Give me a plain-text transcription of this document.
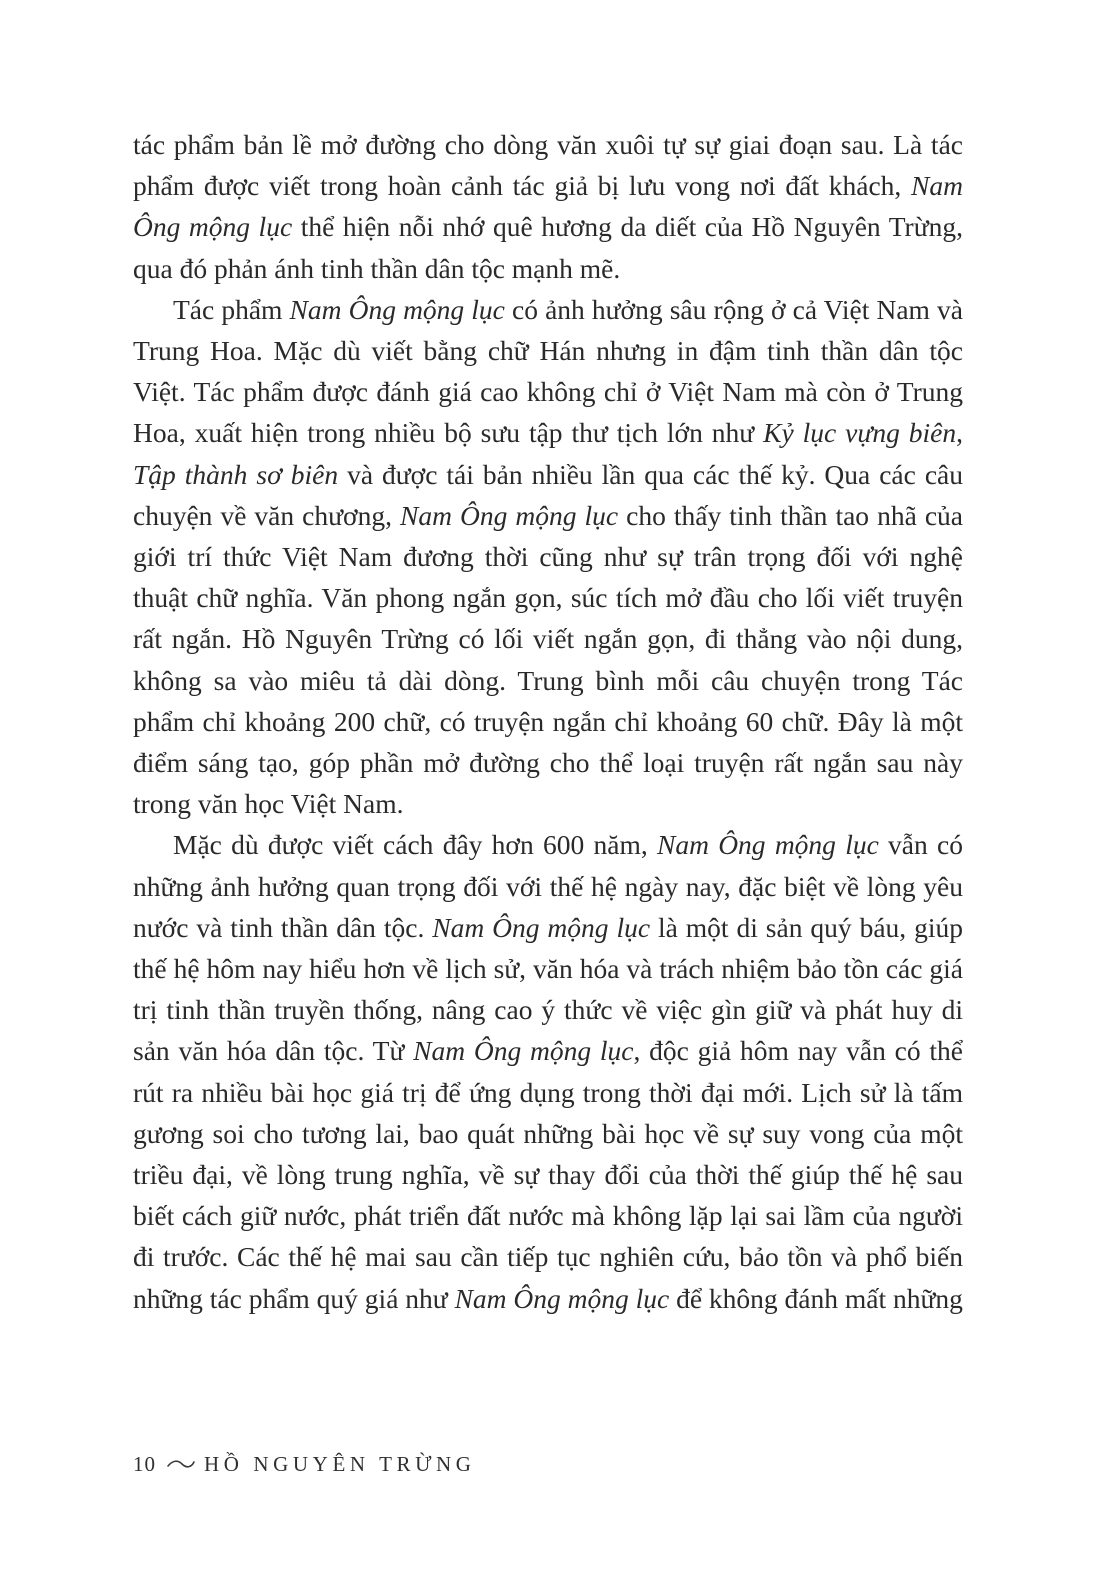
tác phẩm bản lề mở đường cho dòng văn xuôi tự sự giai đoạn sau. Là tác phẩm được viết trong hoàn cảnh tác giả bị lưu vong nơi đất khách, Nam Ông mộng lục thể hiện nỗi nhớ quê hương da diết của Hồ Nguyên Trừng, qua đó phản ánh tinh thần dân tộc mạnh mẽ.

Tác phẩm Nam Ông mộng lục có ảnh hưởng sâu rộng ở cả Việt Nam và Trung Hoa. Mặc dù viết bằng chữ Hán nhưng in đậm tinh thần dân tộc Việt. Tác phẩm được đánh giá cao không chỉ ở Việt Nam mà còn ở Trung Hoa, xuất hiện trong nhiều bộ sưu tập thư tịch lớn như Kỷ lục vựng biên, Tập thành sơ biên và được tái bản nhiều lần qua các thế kỷ. Qua các câu chuyện về văn chương, Nam Ông mộng lục cho thấy tinh thần tao nhã của giới trí thức Việt Nam đương thời cũng như sự trân trọng đối với nghệ thuật chữ nghĩa. Văn phong ngắn gọn, súc tích mở đầu cho lối viết truyện rất ngắn. Hồ Nguyên Trừng có lối viết ngắn gọn, đi thẳng vào nội dung, không sa vào miêu tả dài dòng. Trung bình mỗi câu chuyện trong Tác phẩm chỉ khoảng 200 chữ, có truyện ngắn chỉ khoảng 60 chữ. Đây là một điểm sáng tạo, góp phần mở đường cho thể loại truyện rất ngắn sau này trong văn học Việt Nam.

Mặc dù được viết cách đây hơn 600 năm, Nam Ông mộng lục vẫn có những ảnh hưởng quan trọng đối với thế hệ ngày nay, đặc biệt về lòng yêu nước và tinh thần dân tộc. Nam Ông mộng lục là một di sản quý báu, giúp thế hệ hôm nay hiểu hơn về lịch sử, văn hóa và trách nhiệm bảo tồn các giá trị tinh thần truyền thống, nâng cao ý thức về việc gìn giữ và phát huy di sản văn hóa dân tộc. Từ Nam Ông mộng lục, độc giả hôm nay vẫn có thể rút ra nhiều bài học giá trị để ứng dụng trong thời đại mới. Lịch sử là tấm gương soi cho tương lai, bao quát những bài học về sự suy vong của một triều đại, về lòng trung nghĩa, về sự thay đổi của thời thế giúp thế hệ sau biết cách giữ nước, phát triển đất nước mà không lặp lại sai lầm của người đi trước. Các thế hệ mai sau cần tiếp tục nghiên cứu, bảo tồn và phổ biến những tác phẩm quý giá như Nam Ông mộng lục để không đánh mất những

10 HỒ NGUYÊN TRỪNG
